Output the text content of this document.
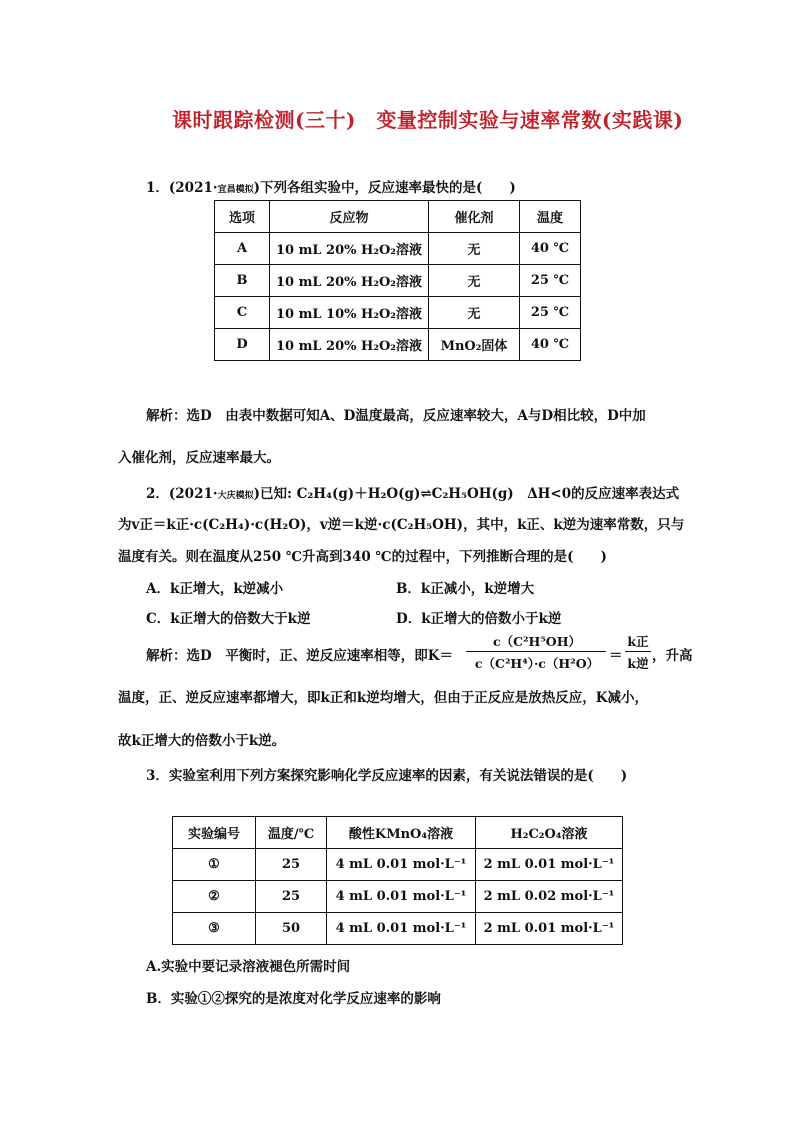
课时跟踪检测(三十)　变量控制实验与速率常数(实践课)
1．(2021·宜昌模拟)下列各组实验中，反应速率最快的是(　　)
选项	反应物	催化剂	温度
A	10 mL 20% H₂O₂溶液	无	40 ℃
B	10 mL 20% H₂O₂溶液	无	25 ℃
C	10 mL 10% H₂O₂溶液	无	25 ℃
D	10 mL 20% H₂O₂溶液	MnO₂固体	40 ℃
解析：选D　由表中数据可知A、D温度最高，反应速率较大，A与D相比较，D中加
入催化剂，反应速率最大。
2．(2021·大庆模拟)已知: C₂H₄(g)＋H₂O(g)⇌C₂H₅OH(g)　ΔH<0的反应速率表达式
为v正＝k正·c(C₂H₄)·c(H₂O)，v逆＝k逆·c(C₂H₅OH)，其中，k正、k逆为速率常数，只与
温度有关。则在温度从250 ℃升高到340 ℃的过程中，下列推断合理的是(　　)
A．k正增大，k逆减小	B．k正减小，k逆增大
C．k正增大的倍数大于k逆	D．k正增大的倍数小于k逆
解析：选D　平衡时，正、逆反应速率相等，即K＝
c（C²H⁵OH）
c（C²H⁴）·c（H²O） ＝
k正
k逆 ，升高
温度，正、逆反应速率都增大，即k正和k逆均增大，但由于正反应是放热反应，K减小，
故k正增大的倍数小于k逆。
3．实验室利用下列方案探究影响化学反应速率的因素，有关说法错误的是(　　)
实验编号	温度/℃	酸性KMnO₄溶液	H₂C₂O₄溶液
①	25	4 mL 0.01 mol·L⁻¹	2 mL 0.01 mol·L⁻¹
②	25	4 mL 0.01 mol·L⁻¹	2 mL 0.02 mol·L⁻¹
③	50	4 mL 0.01 mol·L⁻¹	2 mL 0.01 mol·L⁻¹
A.实验中要记录溶液褪色所需时间
B．实验①②探究的是浓度对化学反应速率的影响
